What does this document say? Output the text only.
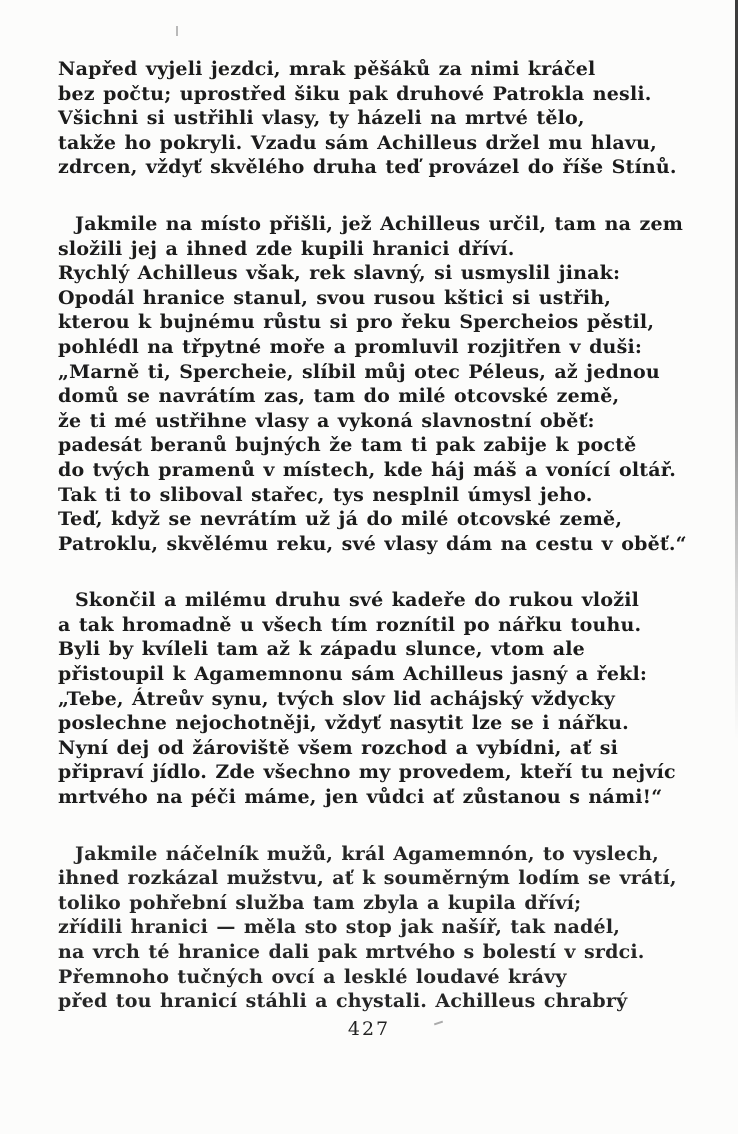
Napřed vyjeli jezdci, mrak pěšáků za nimi kráčel
bez počtu; uprostřed šiku pak druhové Patrokla nesli.
Všichni si ustřihli vlasy, ty házeli na mrtvé tělo,
takže ho pokryli. Vzadu sám Achilleus držel mu hlavu,
zdrcen, vždyť skvělého druha teď provázel do říše Stínů.

Jakmile na místo přišli, jež Achilleus určil, tam na zem
složili jej a ihned zde kupili hranici dříví.
Rychlý Achilleus však, rek slavný, si usmyslil jinak:
Opodál hranice stanul, svou rusou kštici si ustřih,
kterou k bujnému růstu si pro řeku Spercheios pěstil,
pohlédl na třpytné moře a promluvil rozjitřen v duši:
„Marně ti, Spercheie, slíbil můj otec Péleus, až jednou
domů se navrátím zas, tam do milé otcovské země,
že ti mé ustřihne vlasy a vykoná slavnostní oběť:
padesát beranů bujných že tam ti pak zabije k poctě
do tvých pramenů v místech, kde háj máš a vonící oltář.
Tak ti to sliboval stařec, tys nesplnil úmysl jeho.
Teď, když se nevrátím už já do milé otcovské země,
Patroklu, skvělému reku, své vlasy dám na cestu v oběť.“

Skončil a milému druhu své kadeře do rukou vložil
a tak hromadně u všech tím roznítil po nářku touhu.
Byli by kvíleli tam až k západu slunce, vtom ale
přistoupil k Agamemnonu sám Achilleus jasný a řekl:
„Tebe, Átreův synu, tvých slov lid achájský vždycky
poslechne nejochotněji, vždyť nasytit lze se i nářku.
Nyní dej od žároviště všem rozchod a vybídni, ať si
připraví jídlo. Zde všechno my provedem, kteří tu nejvíc
mrtvého na péči máme, jen vůdci ať zůstanou s námi!“

Jakmile náčelník mužů, král Agamemnón, to vyslech,
ihned rozkázal mužstvu, ať k souměrným lodím se vrátí,
toliko pohřební služba tam zbyla a kupila dříví;
zřídili hranici — měla sto stop jak našíř, tak nadél,
na vrch té hranice dali pak mrtvého s bolestí v srdci.
Přemnoho tučných ovcí a lesklé loudavé krávy
před tou hranicí stáhli a chystali. Achilleus chrabrý

427
